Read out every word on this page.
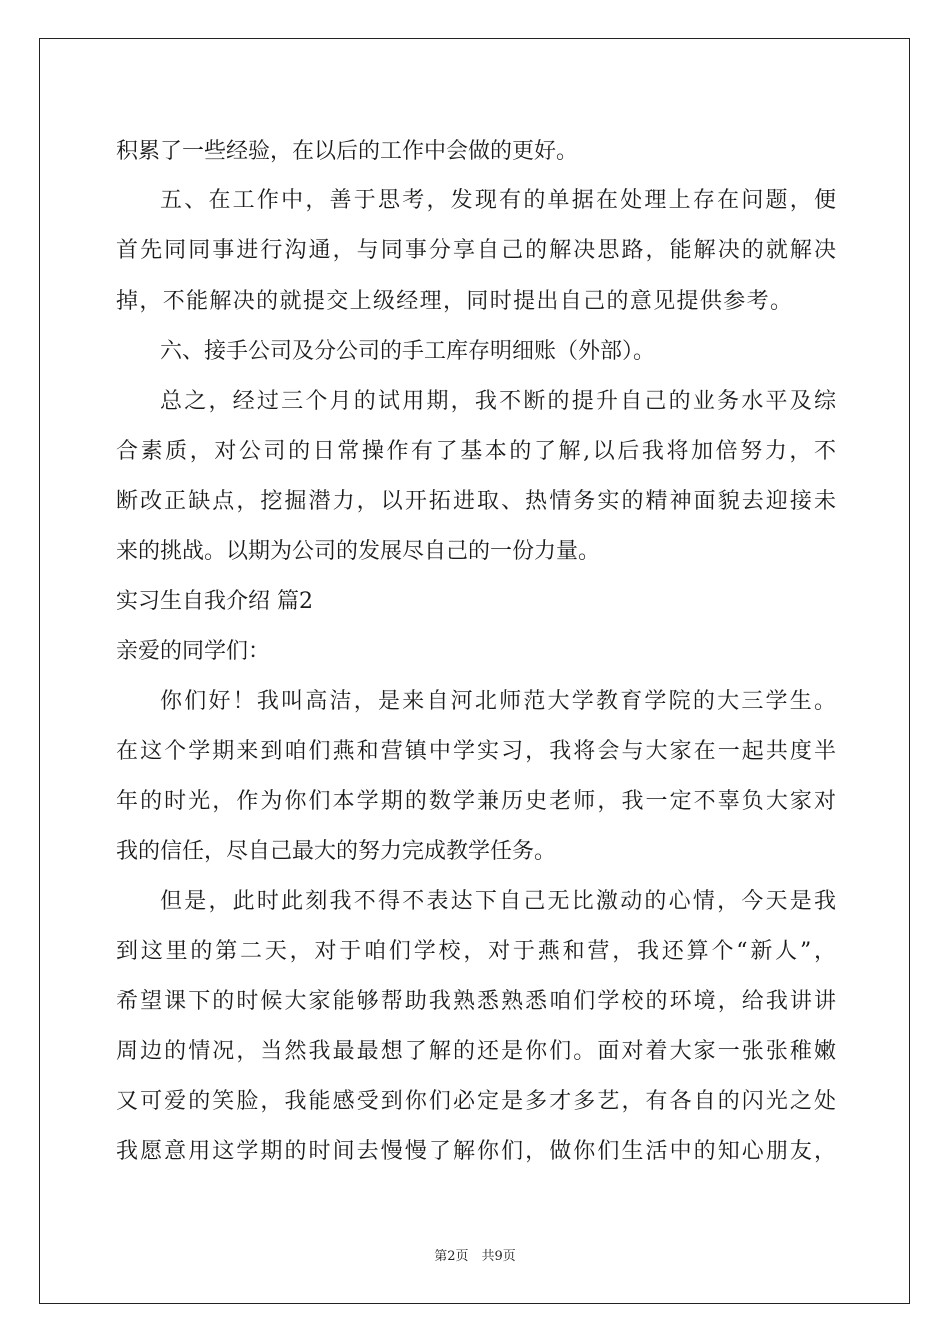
积累了一些经验，在以后的工作中会做的更好。
五、在工作中，善于思考，发现有的单据在处理上存在问题，便
首先同同事进行沟通，与同事分享自己的解决思路，能解决的就解决
掉，不能解决的就提交上级经理，同时提出自己的意见提供参考。
六、接手公司及分公司的手工库存明细账（外部）。
总之，经过三个月的试用期，我不断的提升自己的业务水平及综
合素质，对公司的日常操作有了基本的了解,以后我将加倍努力，不
断改正缺点，挖掘潜力，以开拓进取、热情务实的精神面貌去迎接未
来的挑战。以期为公司的发展尽自己的一份力量。
实习生自我介绍 篇2
亲爱的同学们：
你们好！我叫高洁，是来自河北师范大学教育学院的大三学生。
在这个学期来到咱们燕和营镇中学实习，我将会与大家在一起共度半
年的时光，作为你们本学期的数学兼历史老师，我一定不辜负大家对
我的信任，尽自己最大的努力完成教学任务。
但是，此时此刻我不得不表达下自己无比激动的心情，今天是我
到这里的第二天，对于咱们学校，对于燕和营，我还算个“新人”，
希望课下的时候大家能够帮助我熟悉熟悉咱们学校的环境，给我讲讲
周边的情况，当然我最最想了解的还是你们。面对着大家一张张稚嫩
又可爱的笑脸，我能感受到你们必定是多才多艺，有各自的闪光之处
我愿意用这学期的时间去慢慢了解你们，做你们生活中的知心朋友，
第2页　共9页
